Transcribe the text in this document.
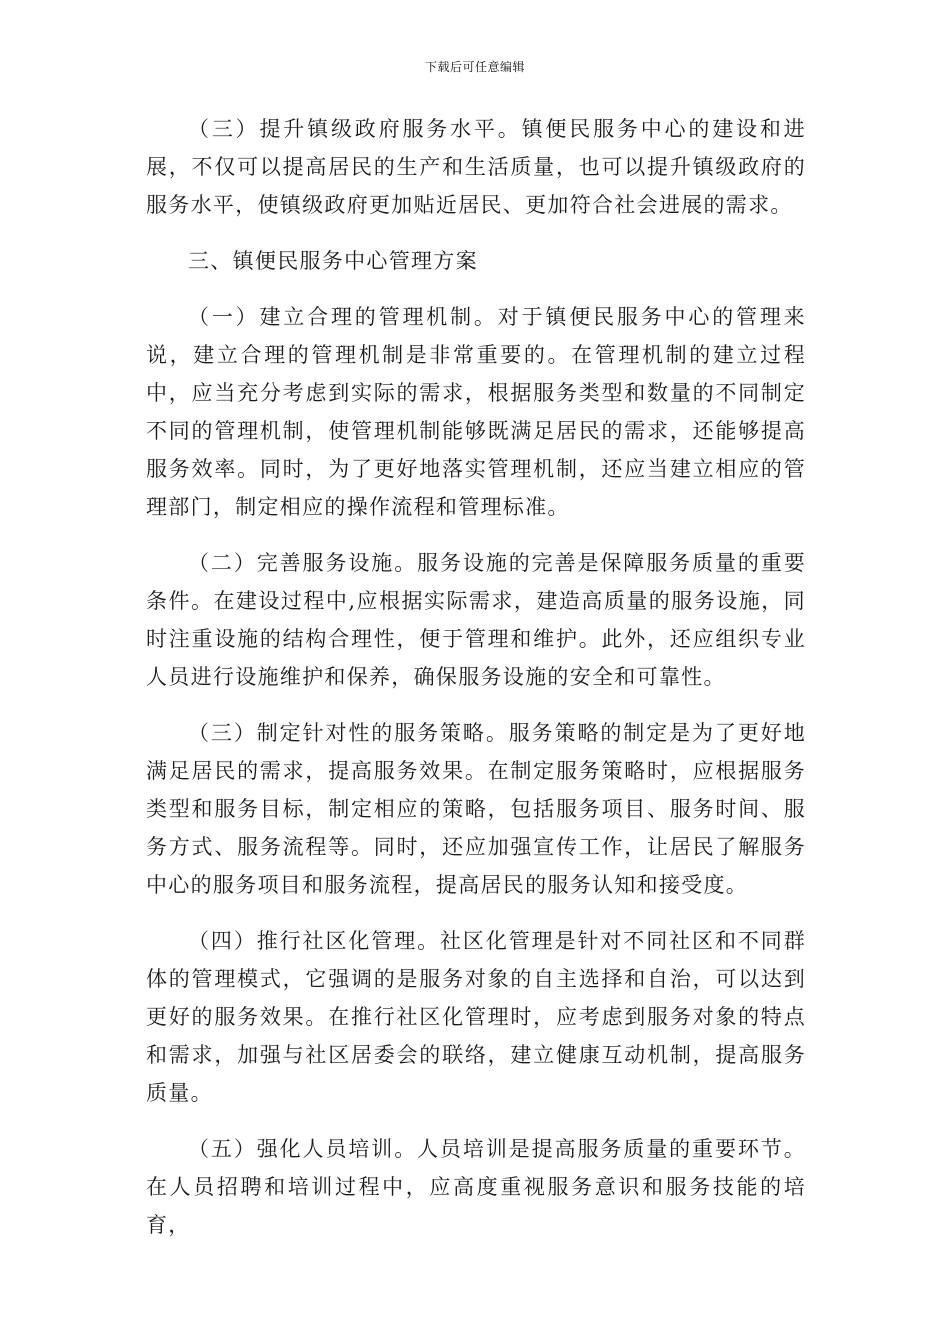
下载后可任意编辑

（三）提升镇级政府服务水平。镇便民服务中心的建设和进展，不仅可以提高居民的生产和生活质量，也可以提升镇级政府的服务水平，使镇级政府更加贴近居民、更加符合社会进展的需求。

三、镇便民服务中心管理方案

（一）建立合理的管理机制。对于镇便民服务中心的管理来说，建立合理的管理机制是非常重要的。在管理机制的建立过程中，应当充分考虑到实际的需求，根据服务类型和数量的不同制定不同的管理机制，使管理机制能够既满足居民的需求，还能够提高服务效率。同时，为了更好地落实管理机制，还应当建立相应的管理部门，制定相应的操作流程和管理标准。

（二）完善服务设施。服务设施的完善是保障服务质量的重要条件。在建设过程中,应根据实际需求，建造高质量的服务设施，同时注重设施的结构合理性，便于管理和维护。此外，还应组织专业人员进行设施维护和保养，确保服务设施的安全和可靠性。

（三）制定针对性的服务策略。服务策略的制定是为了更好地满足居民的需求，提高服务效果。在制定服务策略时，应根据服务类型和服务目标，制定相应的策略，包括服务项目、服务时间、服务方式、服务流程等。同时，还应加强宣传工作，让居民了解服务中心的服务项目和服务流程，提高居民的服务认知和接受度。

（四）推行社区化管理。社区化管理是针对不同社区和不同群体的管理模式，它强调的是服务对象的自主选择和自治，可以达到更好的服务效果。在推行社区化管理时，应考虑到服务对象的特点和需求，加强与社区居委会的联络，建立健康互动机制，提高服务质量。

（五）强化人员培训。人员培训是提高服务质量的重要环节。在人员招聘和培训过程中，应高度重视服务意识和服务技能的培育，
